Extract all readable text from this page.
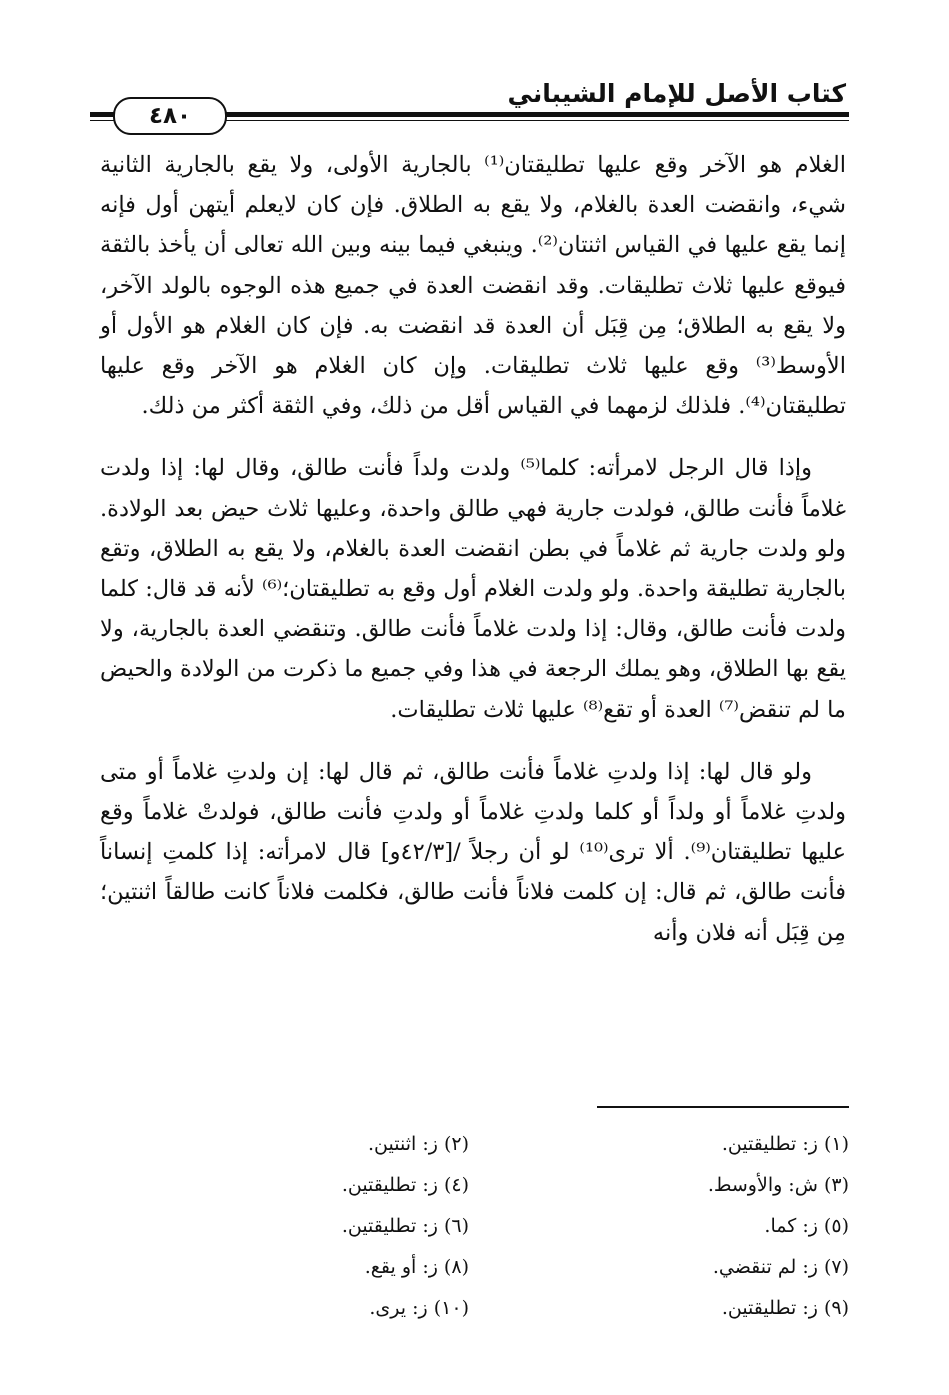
كتاب الأصل للإمام الشيباني
٤٨٠

الغلام هو الآخر وقع عليها تطليقتان⁽¹⁾ بالجارية الأولى، ولا يقع بالجارية الثانية شيء، وانقضت العدة بالغلام، ولا يقع به الطلاق. فإن كان لايعلم أيتهن أول فإنه إنما يقع عليها في القياس اثنتان⁽²⁾. وينبغي فيما بينه وبين الله تعالى أن يأخذ بالثقة فيوقع عليها ثلاث تطليقات. وقد انقضت العدة في جميع هذه الوجوه بالولد الآخر، ولا يقع به الطلاق؛ مِن قِبَل أن العدة قد انقضت به. فإن كان الغلام هو الأول أو الأوسط⁽³⁾ وقع عليها ثلاث تطليقات. وإن كان الغلام هو الآخر وقع عليها تطليقتان⁽⁴⁾. فلذلك لزمهما في القياس أقل من ذلك، وفي الثقة أكثر من ذلك.

وإذا قال الرجل لامرأته: كلما⁽⁵⁾ ولدت ولداً فأنت طالق، وقال لها: إذا ولدت غلاماً فأنت طالق، فولدت جارية فهي طالق واحدة، وعليها ثلاث حيض بعد الولادة. ولو ولدت جارية ثم غلاماً في بطن انقضت العدة بالغلام، ولا يقع به الطلاق، وتقع بالجارية تطليقة واحدة. ولو ولدت الغلام أول وقع به تطليقتان؛⁽⁶⁾ لأنه قد قال: كلما ولدت فأنت طالق، وقال: إذا ولدت غلاماً فأنت طالق. وتنقضي العدة بالجارية، ولا يقع بها الطلاق، وهو يملك الرجعة في هذا وفي جميع ما ذكرت من الولادة والحيض ما لم تنقض⁽⁷⁾ العدة أو تقع⁽⁸⁾ عليها ثلاث تطليقات.

ولو قال لها: إذا ولدتِ غلاماً فأنت طالق، ثم قال لها: إن ولدتِ غلاماً أو متى ولدتِ غلاماً أو ولداً أو كلما ولدتِ غلاماً أو ولدتِ فأنت طالق، فولدتْ غلاماً وقع عليها تطليقتان⁽⁹⁾. ألا ترى⁽¹⁰⁾ لو أن رجلاً /[٤٢/٣و] قال لامرأته: إذا كلمتِ إنساناً فأنت طالق، ثم قال: إن كلمت فلاناً فأنت طالق، فكلمت فلاناً كانت طالقاً اثنتين؛ مِن قِبَل أنه فلان وأنه

(١) ز: تطليقتين.
(٣) ش: والأوسط.
(٥) ز: كما.
(٧) ز: لم تنقضي.
(٩) ز: تطليقتين.
(٢) ز: اثنتين.
(٤) ز: تطليقتين.
(٦) ز: تطليقتين.
(٨) ز: أو يقع.
(١٠) ز: يرى.
